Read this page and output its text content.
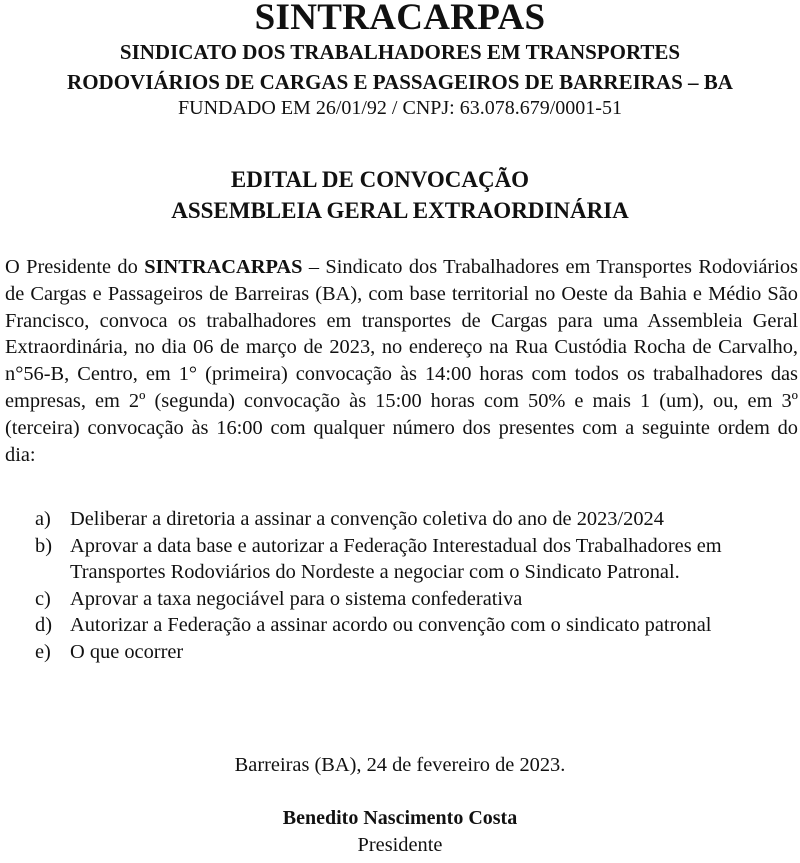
SINTRACARPAS
SINDICATO DOS TRABALHADORES EM TRANSPORTES
RODOVIÁRIOS DE CARGAS E PASSAGEIROS DE BARREIRAS – BA
FUNDADO EM 26/01/92 / CNPJ: 63.078.679/0001-51
EDITAL DE CONVOCAÇÃO
ASSEMBLEIA GERAL EXTRAORDINÁRIA
O Presidente do SINTRACARPAS – Sindicato dos Trabalhadores em Transportes Rodoviários de Cargas e Passageiros de Barreiras (BA), com base territorial no Oeste da Bahia e Médio São Francisco, convoca os trabalhadores em transportes de Cargas para uma Assembleia Geral Extraordinária, no dia 06 de março de 2023, no endereço na Rua Custódia Rocha de Carvalho, n°56-B, Centro, em 1° (primeira) convocação às 14:00 horas com todos os trabalhadores das empresas, em 2º (segunda) convocação às 15:00 horas com 50% e mais 1 (um), ou, em 3º (terceira) convocação às 16:00 com qualquer número dos presentes com a seguinte ordem do dia:
a) Deliberar a diretoria a assinar a convenção coletiva do ano de 2023/2024
b) Aprovar a data base e autorizar a Federação Interestadual dos Trabalhadores em Transportes Rodoviários do Nordeste a negociar com o Sindicato Patronal.
c) Aprovar a taxa negociável para o sistema confederativa
d) Autorizar a Federação a assinar acordo ou convenção com o sindicato patronal
e) O que ocorrer
Barreiras (BA), 24 de fevereiro de 2023.
Benedito Nascimento Costa
Presidente
